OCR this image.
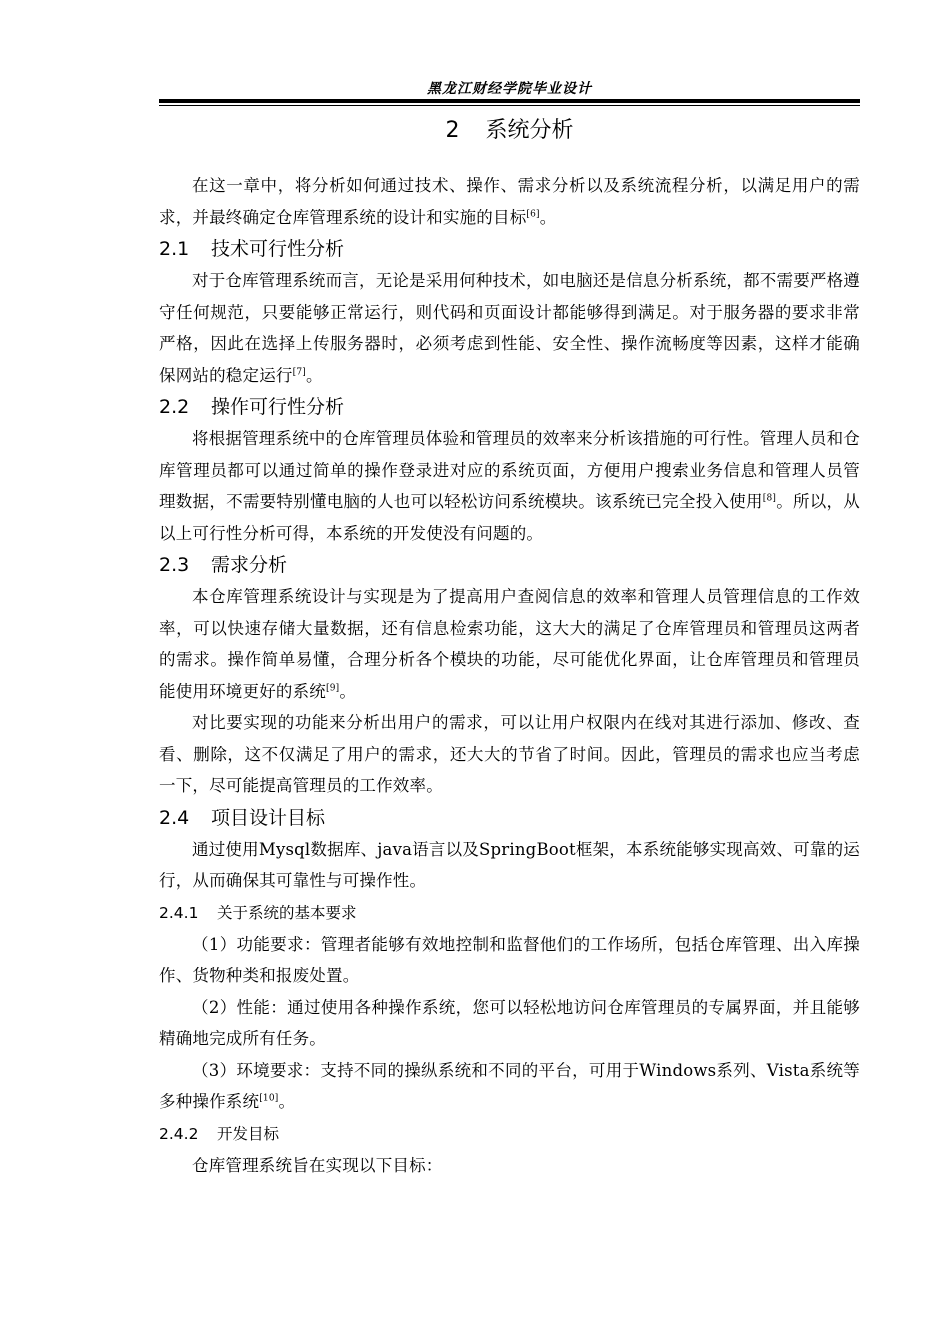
黑龙江财经学院毕业设计
2 系统分析

在这一章中，将分析如何通过技术、操作、需求分析以及系统流程分析，以满足用户的需求，并最终确定仓库管理系统的设计和实施的目标[6]。

2.1 技术可行性分析

对于仓库管理系统而言，无论是采用何种技术，如电脑还是信息分析系统，都不需要严格遵守任何规范，只要能够正常运行，则代码和页面设计都能够得到满足。对于服务器的要求非常严格，因此在选择上传服务器时，必须考虑到性能、安全性、操作流畅度等因素，这样才能确保网站的稳定运行[7]。

2.2 操作可行性分析

将根据管理系统中的仓库管理员体验和管理员的效率来分析该措施的可行性。管理人员和仓库管理员都可以通过简单的操作登录进对应的系统页面，方便用户搜索业务信息和管理人员管理数据，不需要特别懂电脑的人也可以轻松访问系统模块。该系统已完全投入使用[8]。所以，从以上可行性分析可得，本系统的开发使没有问题的。

2.3 需求分析

本仓库管理系统设计与实现是为了提高用户查阅信息的效率和管理人员管理信息的工作效率，可以快速存储大量数据，还有信息检索功能，这大大的满足了仓库管理员和管理员这两者的需求。操作简单易懂，合理分析各个模块的功能，尽可能优化界面，让仓库管理员和管理员能使用环境更好的系统[9]。

对比要实现的功能来分析出用户的需求，可以让用户权限内在线对其进行添加、修改、查看、删除，这不仅满足了用户的需求，还大大的节省了时间。因此，管理员的需求也应当考虑一下，尽可能提高管理员的工作效率。

2.4 项目设计目标

通过使用Mysql数据库、java语言以及SpringBoot框架，本系统能够实现高效、可靠的运行，从而确保其可靠性与可操作性。

2.4.1 关于系统的基本要求

（1）功能要求：管理者能够有效地控制和监督他们的工作场所，包括仓库管理、出入库操作、货物种类和报废处置。

（2）性能：通过使用各种操作系统，您可以轻松地访问仓库管理员的专属界面，并且能够精确地完成所有任务。

（3）环境要求：支持不同的操纵系统和不同的平台，可用于Windows系列、Vista系统等多种操作系统[10]。

2.4.2 开发目标

仓库管理系统旨在实现以下目标：
